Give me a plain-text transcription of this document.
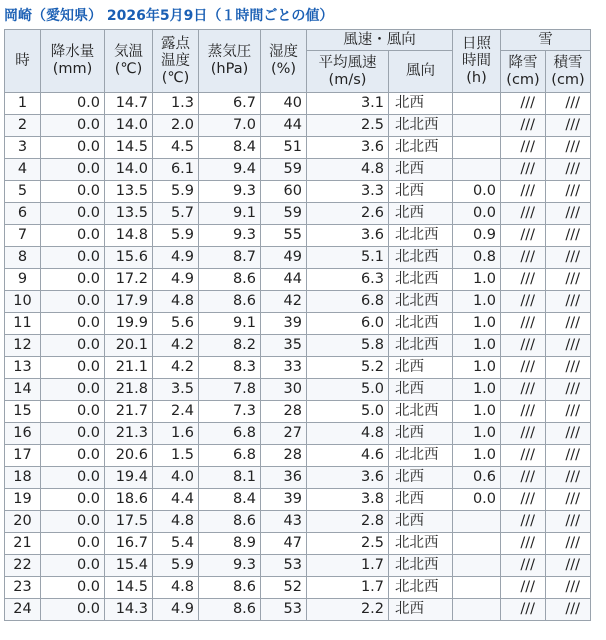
岡崎（愛知県） 2026年5月9日（１時間ごとの値）
時	降水量(mm)	気温(℃)	露点温度(℃)	蒸気圧(hPa)	湿度(%)	風速・風向		日照時間(h)	雪	
						平均風速(m/s)	風向		降雪(cm)	積雪(cm)
1	0.0	14.7	1.3	6.7	40	3.1	北西		///	///
2	0.0	14.0	2.0	7.0	44	2.5	北北西		///	///
3	0.0	14.5	4.5	8.4	51	3.6	北北西		///	///
4	0.0	14.0	6.1	9.4	59	4.8	北西		///	///
5	0.0	13.5	5.9	9.3	60	3.3	北西	0.0	///	///
6	0.0	13.5	5.7	9.1	59	2.6	北西	0.0	///	///
7	0.0	14.8	5.9	9.3	55	3.6	北北西	0.9	///	///
8	0.0	15.6	4.9	8.7	49	5.1	北北西	0.8	///	///
9	0.0	17.2	4.9	8.6	44	6.3	北北西	1.0	///	///
10	0.0	17.9	4.8	8.6	42	6.8	北北西	1.0	///	///
11	0.0	19.9	5.6	9.1	39	6.0	北北西	1.0	///	///
12	0.0	20.1	4.2	8.2	35	5.8	北北西	1.0	///	///
13	0.0	21.1	4.2	8.3	33	5.2	北西	1.0	///	///
14	0.0	21.8	3.5	7.8	30	5.0	北西	1.0	///	///
15	0.0	21.7	2.4	7.3	28	5.0	北北西	1.0	///	///
16	0.0	21.3	1.6	6.8	27	4.8	北西	1.0	///	///
17	0.0	20.6	1.5	6.8	28	4.6	北北西	1.0	///	///
18	0.0	19.4	4.0	8.1	36	3.6	北西	0.6	///	///
19	0.0	18.6	4.4	8.4	39	3.8	北西	0.0	///	///
20	0.0	17.5	4.8	8.6	43	2.8	北西		///	///
21	0.0	16.7	5.4	8.9	47	2.5	北北西		///	///
22	0.0	15.4	5.9	9.3	53	1.7	北北西		///	///
23	0.0	14.5	4.8	8.6	52	1.7	北北西		///	///
24	0.0	14.3	4.9	8.6	53	2.2	北西		///	///
